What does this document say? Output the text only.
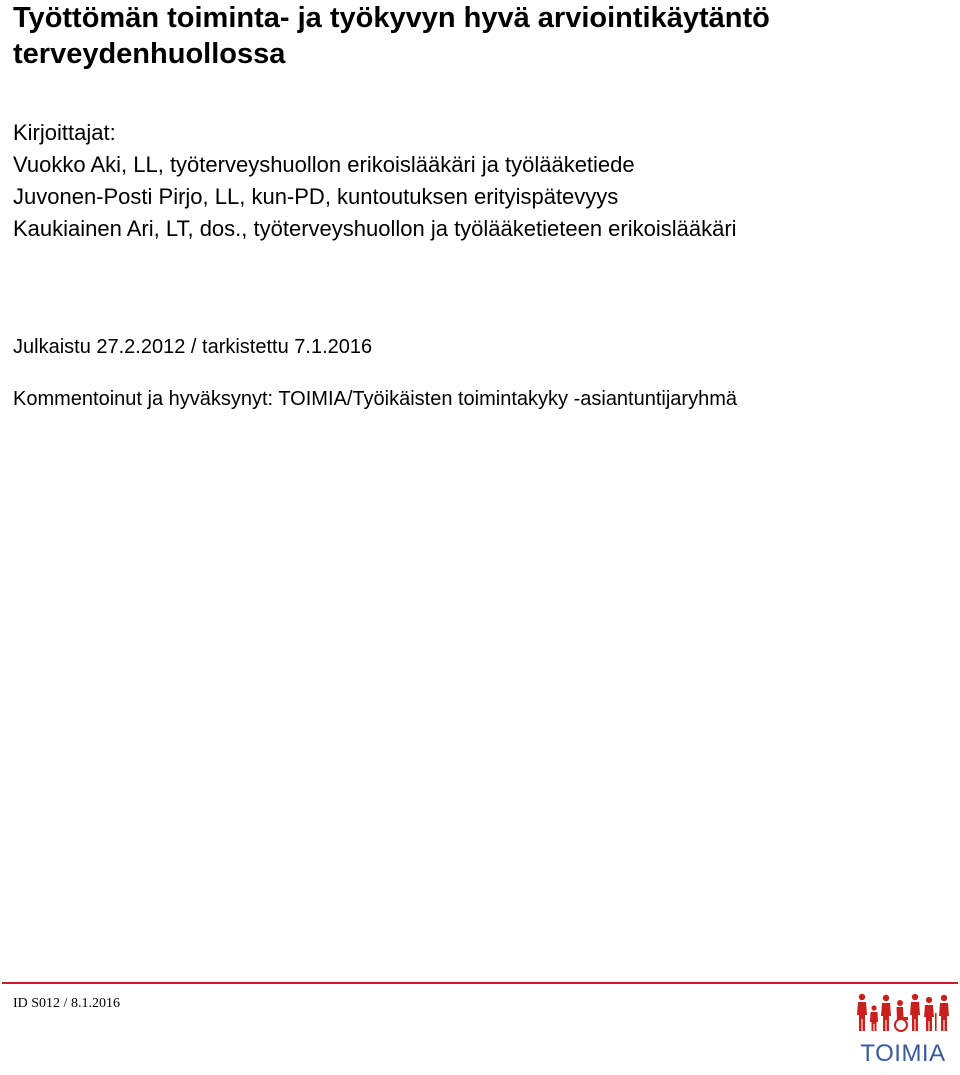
Työttömän toiminta- ja työkyvyn hyvä arviointikäytäntö terveydenhuollossa
Kirjoittajat:
Vuokko Aki, LL, työterveyshuollon erikoislääkäri ja työlääketiede
Juvonen-Posti Pirjo, LL, kun-PD, kuntoutuksen erityispätevyys
Kaukiainen Ari, LT, dos., työterveyshuollon ja työlääketieteen erikoislääkäri
Julkaistu 27.2.2012 / tarkistettu 7.1.2016
Kommentoinut ja hyväksynyt: TOIMIA/Työikäisten toimintakyky -asiantuntijaryhmä
ID S012 / 8.1.2016
TOIMIA
